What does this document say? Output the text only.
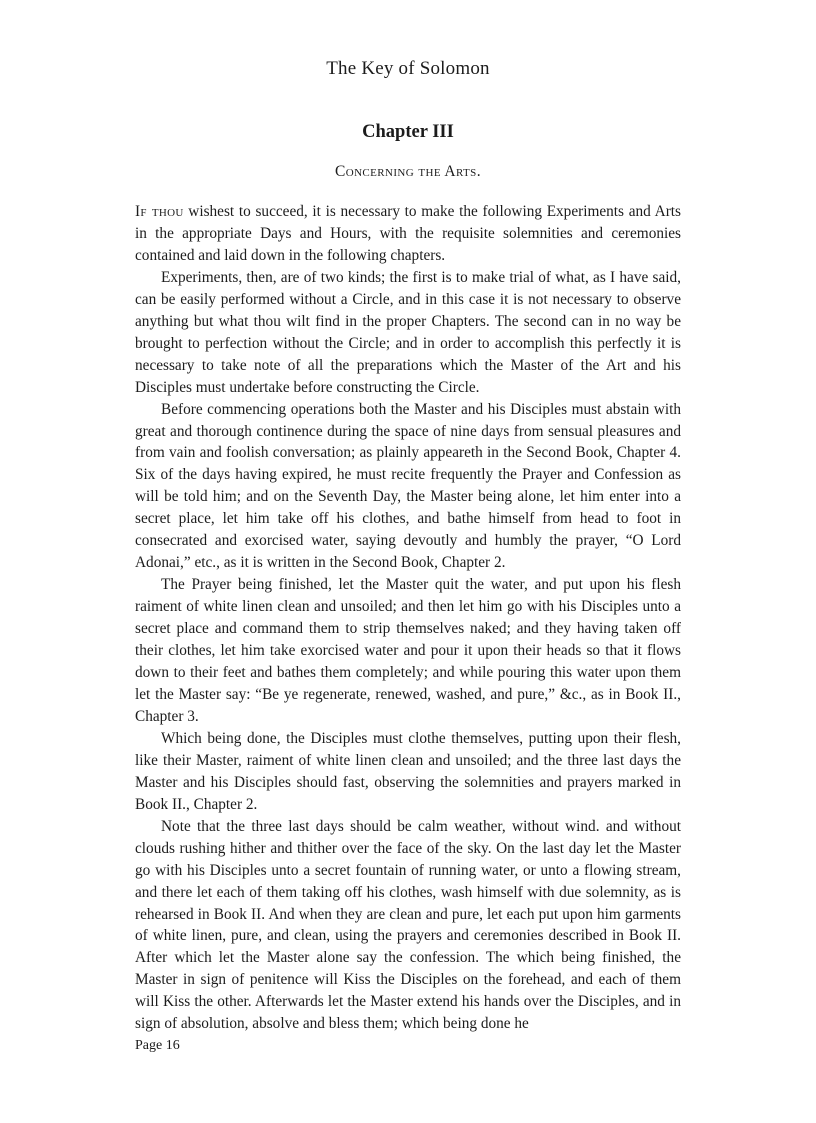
The Key of Solomon
Chapter III
Concerning the Arts.

If thou wishest to succeed, it is necessary to make the following Experiments and Arts in the appropriate Days and Hours, with the requisite solemnities and ceremonies contained and laid down in the following chapters.

Experiments, then, are of two kinds; the first is to make trial of what, as I have said, can be easily performed without a Circle, and in this case it is not necessary to observe anything but what thou wilt find in the proper Chapters. The second can in no way be brought to perfection without the Circle; and in order to accomplish this perfectly it is necessary to take note of all the preparations which the Master of the Art and his Disciples must undertake before constructing the Circle.

Before commencing operations both the Master and his Disciples must abstain with great and thorough continence during the space of nine days from sensual pleasures and from vain and foolish conversation; as plainly appeareth in the Second Book, Chapter 4. Six of the days having expired, he must recite frequently the Prayer and Confession as will be told him; and on the Seventh Day, the Master being alone, let him enter into a secret place, let him take off his clothes, and bathe himself from head to foot in consecrated and exorcised water, saying devoutly and humbly the prayer, “O Lord Adonai,” etc., as it is written in the Second Book, Chapter 2.

The Prayer being finished, let the Master quit the water, and put upon his flesh raiment of white linen clean and unsoiled; and then let him go with his Disciples unto a secret place and command them to strip themselves naked; and they having taken off their clothes, let him take exorcised water and pour it upon their heads so that it flows down to their feet and bathes them completely; and while pouring this water upon them let the Master say: “Be ye regenerate, renewed, washed, and pure,” &c., as in Book II., Chapter 3.

Which being done, the Disciples must clothe themselves, putting upon their flesh, like their Master, raiment of white linen clean and unsoiled; and the three last days the Master and his Disciples should fast, observing the solemnities and prayers marked in Book II., Chapter 2.

Note that the three last days should be calm weather, without wind. and without clouds rushing hither and thither over the face of the sky. On the last day let the Master go with his Disciples unto a secret fountain of running water, or unto a flowing stream, and there let each of them taking off his clothes, wash himself with due solemnity, as is rehearsed in Book II. And when they are clean and pure, let each put upon him garments of white linen, pure, and clean, using the prayers and ceremonies described in Book II. After which let the Master alone say the confession. The which being finished, the Master in sign of penitence will Kiss the Disciples on the forehead, and each of them will Kiss the other. Afterwards let the Master extend his hands over the Disciples, and in sign of absolution, absolve and bless them; which being done he

Page 16
